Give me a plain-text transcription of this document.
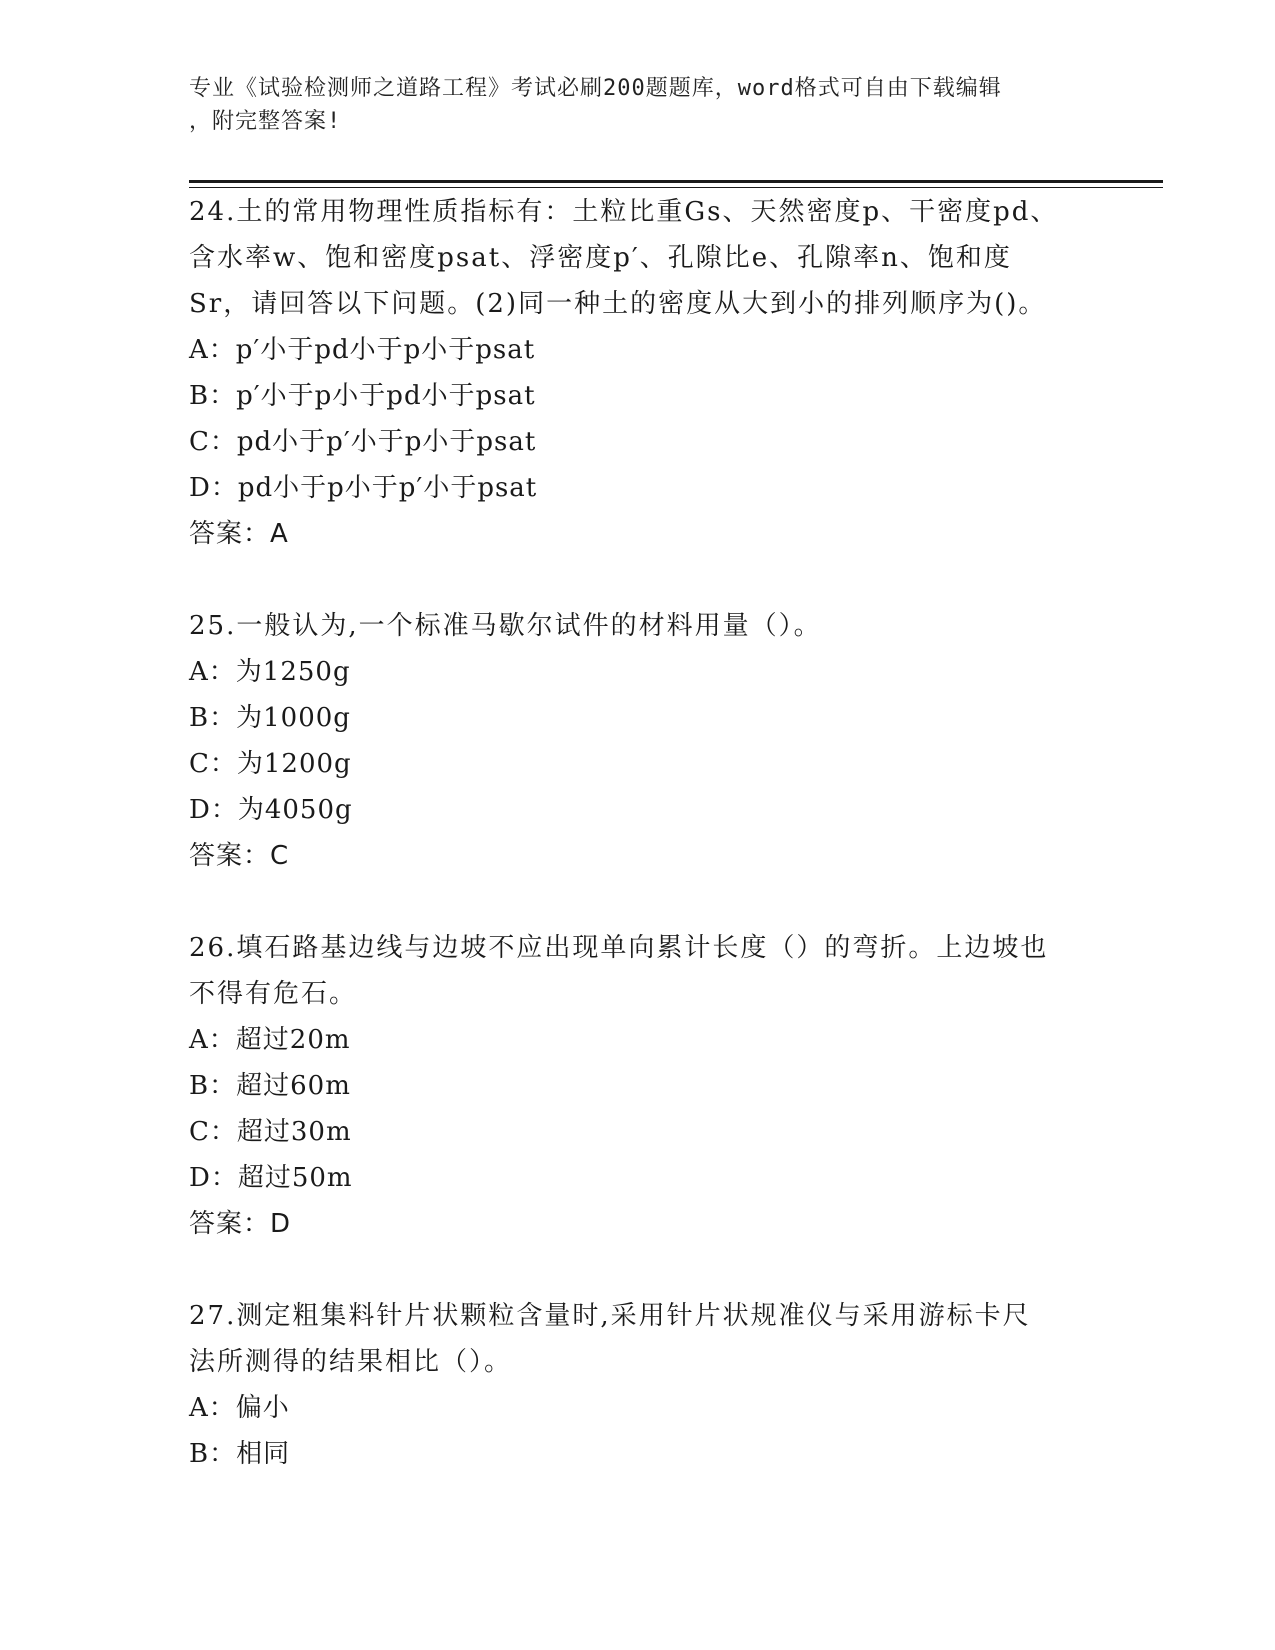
专业《试验检测师之道路工程》考试必刷200题题库，word格式可自由下载编辑
，附完整答案!
24.土的常用物理性质指标有：土粒比重Gs、天然密度p、干密度pd、
含水率w、饱和密度psat、浮密度p′、孔隙比e、孔隙率n、饱和度
Sr，请回答以下问题。(2)同一种土的密度从大到小的排列顺序为()。
A：p′小于pd小于p小于psat
B：p′小于p小于pd小于psat
C：pd小于p′小于p小于psat
D：pd小于p小于p′小于psat
答案：A
25.一般认为,一个标准马歇尔试件的材料用量（）。
A：为1250g
B：为1000g
C：为1200g
D：为4050g
答案：C
26.填石路基边线与边坡不应出现单向累计长度（）的弯折。上边坡也
不得有危石。
A：超过20m
B：超过60m
C：超过30m
D：超过50m
答案：D
27.测定粗集料针片状颗粒含量时,采用针片状规准仪与采用游标卡尺
法所测得的结果相比（）。
A：偏小
B：相同
